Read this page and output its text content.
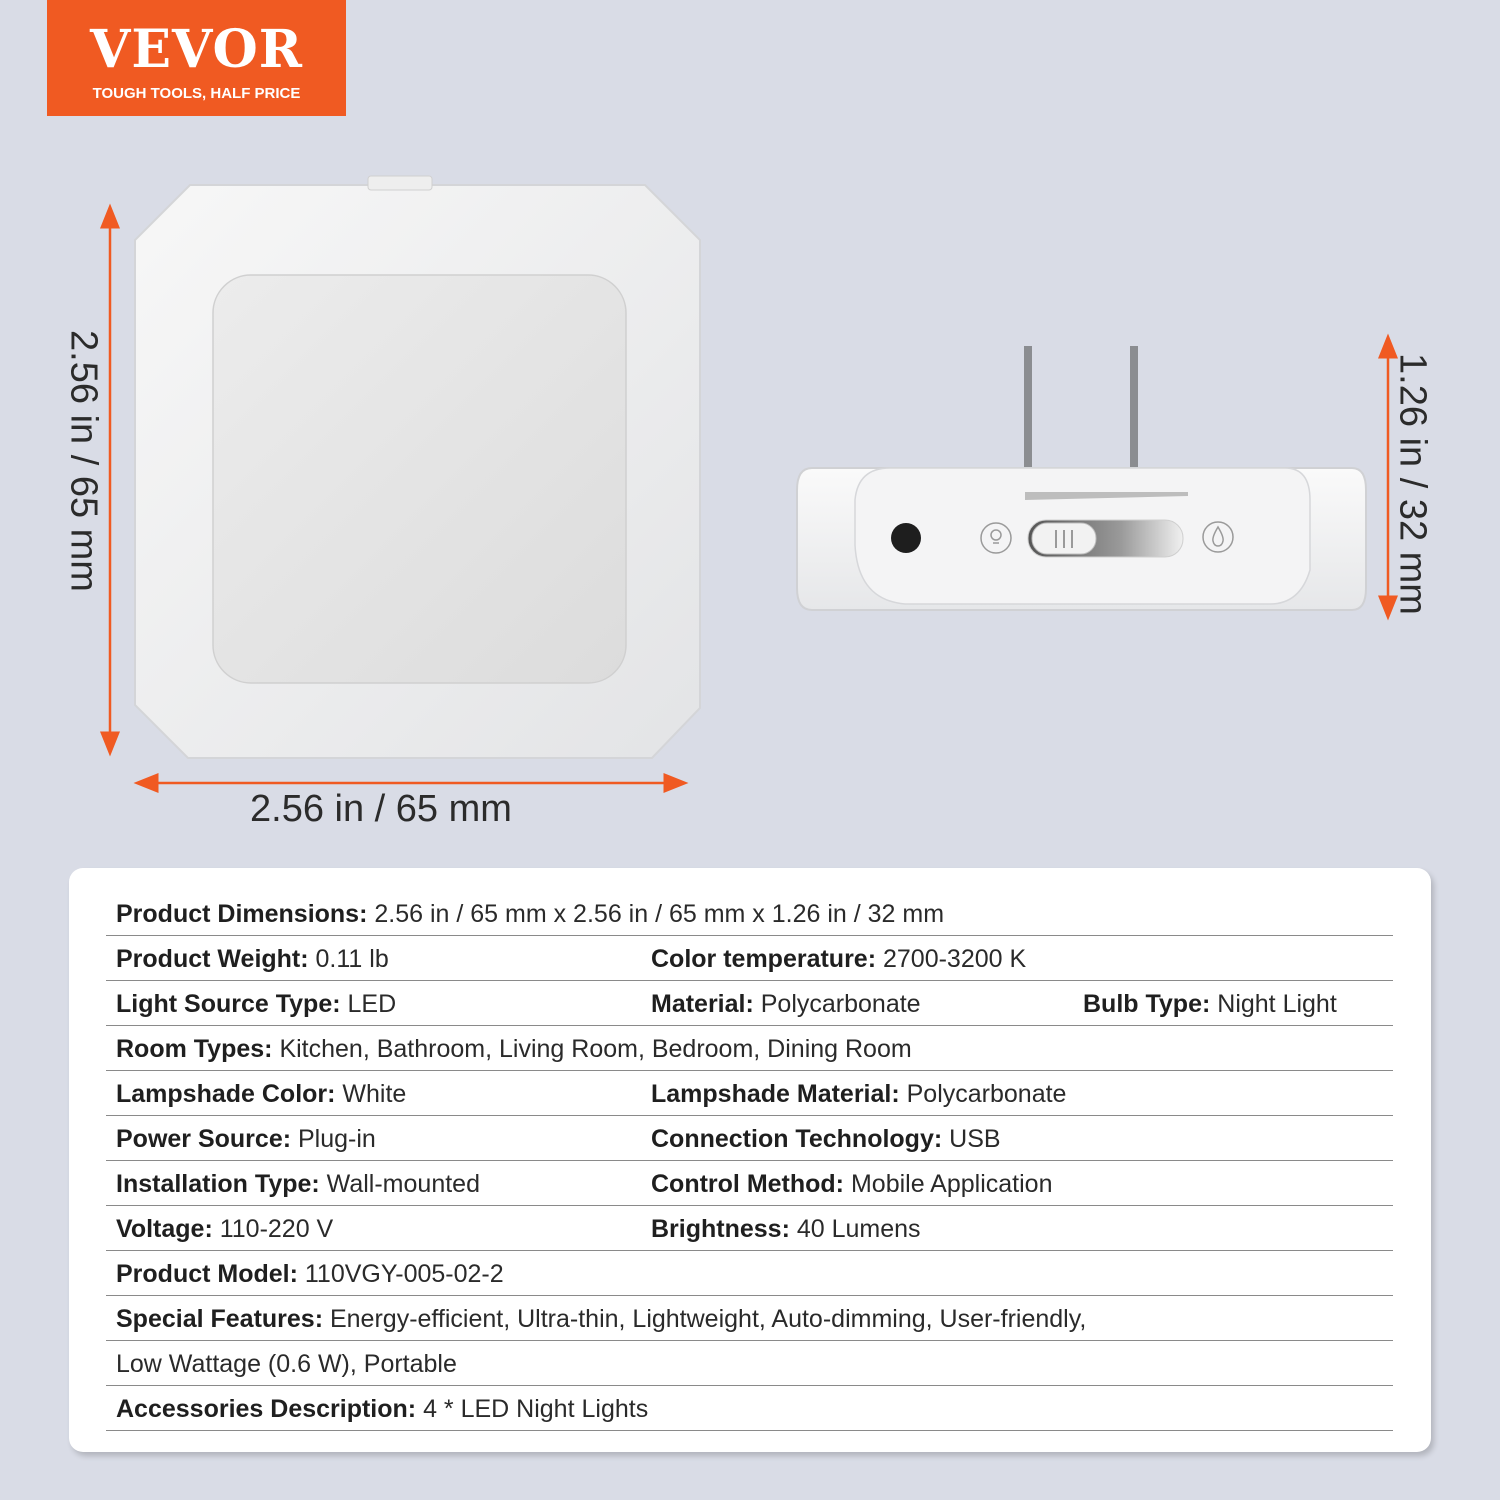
VEVOR
TOUGH TOOLS, HALF PRICE
2.56 in / 65 mm
2.56 in / 65 mm
1.26 in / 32 mm
Product Dimensions: 2.56 in / 65 mm x 2.56 in / 65 mm x 1.26 in / 32 mm
Product Weight: 0.11 lb	Color temperature: 2700-3200 K
Light Source Type: LED	Material: Polycarbonate	Bulb Type: Night Light
Room Types: Kitchen, Bathroom, Living Room, Bedroom, Dining Room
Lampshade Color: White	Lampshade Material: Polycarbonate
Power Source: Plug-in	Connection Technology: USB
Installation Type: Wall-mounted	Control Method: Mobile Application
Voltage: 110-220 V	Brightness: 40 Lumens
Product Model: 110VGY-005-02-2
Special Features: Energy-efficient, Ultra-thin, Lightweight, Auto-dimming, User-friendly,
Low Wattage (0.6 W), Portable
Accessories Description: 4 * LED Night Lights
